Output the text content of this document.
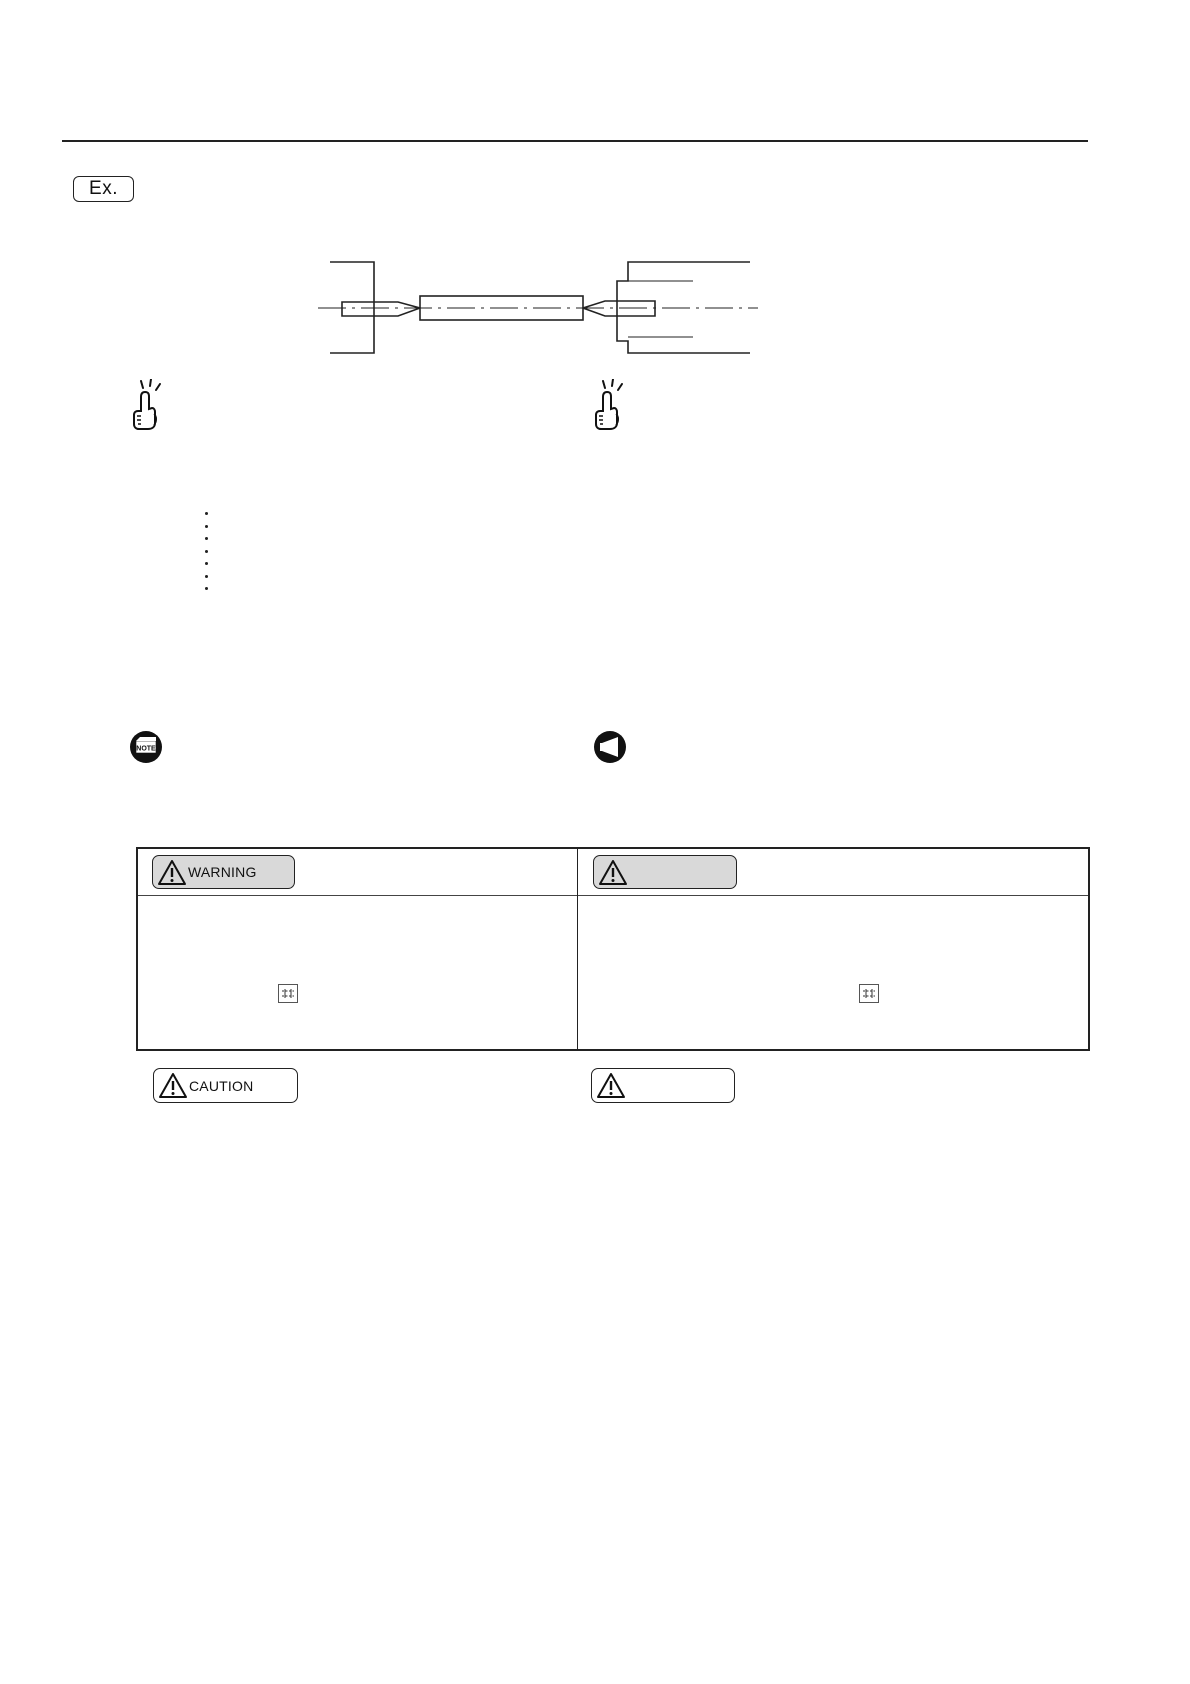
Ex.
NOTE
WARNING
CAUTION
